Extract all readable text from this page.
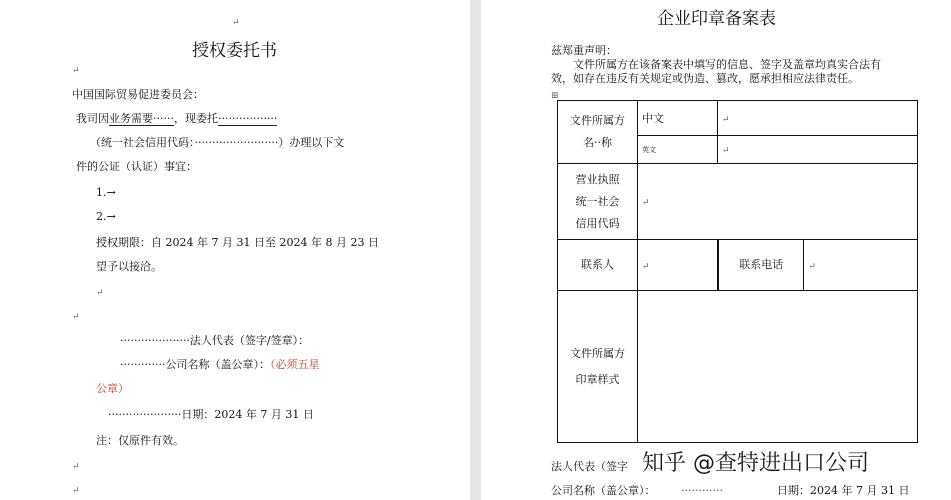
↵
授权委托书
↵
中国国际贸易促进委员会：
我司因业务需要······，现委托·················
（统一社会信用代码：························）办理以下文
件的公证（认证）事宜：
1.→
2.→
授权期限：自 2024 年 7 月 31 日至 2024 年 8 月 23 日
望予以接洽。
↵
↵
····················法人代表（签字/签章）：
·············公司名称（盖公章）：（必须五星
公章）
·····················日期：2024 年 7 月 31 日
注：仅原件有效。
↵
↵
企业印章备案表
兹郑重声明：
文件所属方在该备案表中填写的信息、签字及盖章均真实合法有
效，如存在违反有关规定或伪造、篡改，愿承担相应法律责任。
⊞
文件所属方
名··称	中文	↵	
	英文	↵	

营业执照
统一社会
信用代码	↵		
联系人	↵		联系电话	↵

文件所属方
印章样式			

法人代表（签字
公司名称（盖公章）： ············	日期：2024 年 7 月 31 日
知乎 @查特进出口公司
